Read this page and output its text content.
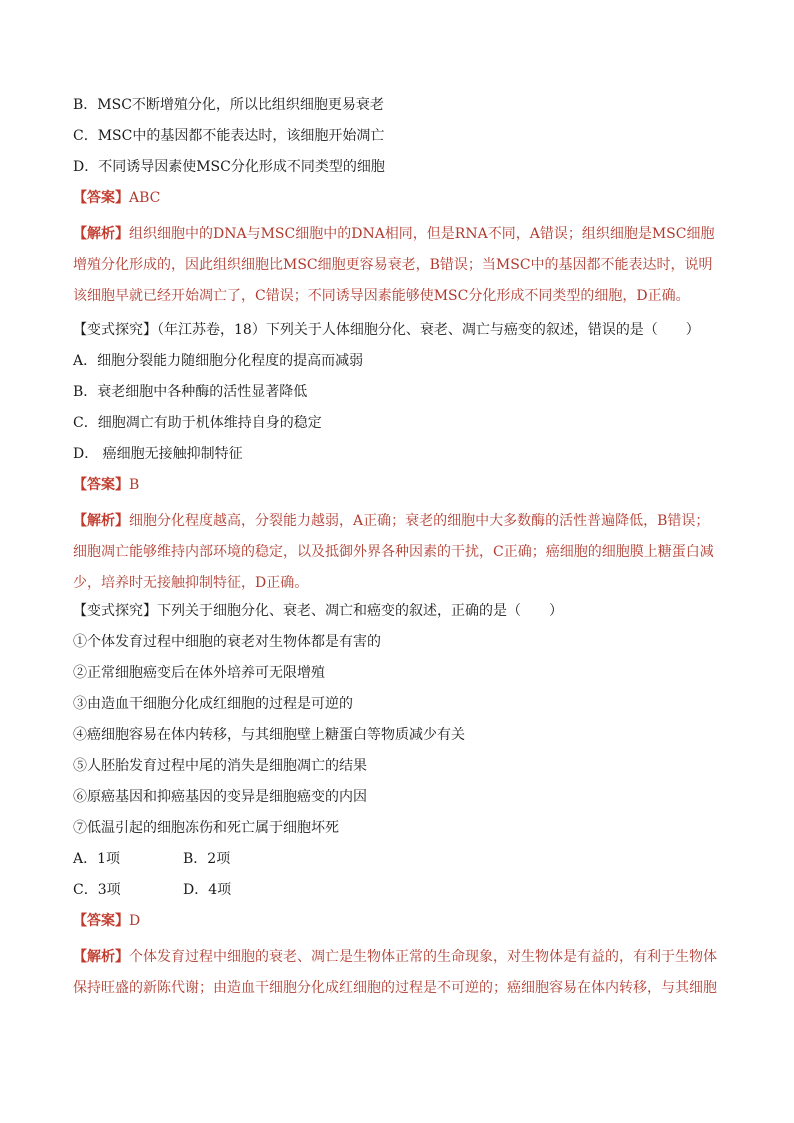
B．MSC不断增殖分化，所以比组织细胞更易衰老

C．MSC中的基因都不能表达时，该细胞开始凋亡

D．不同诱导因素使MSC分化形成不同类型的细胞

【答案】ABC

【解析】组织细胞中的DNA与MSC细胞中的DNA相同，但是RNA不同，A错误；组织细胞是MSC细胞增殖分化形成的，因此组织细胞比MSC细胞更容易衰老，B错误；当MSC中的基因都不能表达时，说明该细胞早就已经开始凋亡了，C错误；不同诱导因素能够使MSC分化形成不同类型的细胞，D正确。

【变式探究】（年江苏卷，18）下列关于人体细胞分化、衰老、凋亡与癌变的叙述，错误的是（　　）

A．细胞分裂能力随细胞分化程度的提高而减弱

B．衰老细胞中各种酶的活性显著降低

C．细胞凋亡有助于机体维持自身的稳定

D． 癌细胞无接触抑制特征

【答案】B

【解析】细胞分化程度越高，分裂能力越弱，A正确；衰老的细胞中大多数酶的活性普遍降低，B错误；细胞凋亡能够维持内部环境的稳定，以及抵御外界各种因素的干扰，C正确；癌细胞的细胞膜上糖蛋白减少，培养时无接触抑制特征，D正确。

【变式探究】下列关于细胞分化、衰老、凋亡和癌变的叙述，正确的是（　　）

①个体发育过程中细胞的衰老对生物体都是有害的

②正常细胞癌变后在体外培养可无限增殖

③由造血干细胞分化成红细胞的过程是可逆的

④癌细胞容易在体内转移，与其细胞壁上糖蛋白等物质减少有关

⑤人胚胎发育过程中尾的消失是细胞凋亡的结果

⑥原癌基因和抑癌基因的变异是细胞癌变的内因

⑦低温引起的细胞冻伤和死亡属于细胞坏死

A．1项	B．2项
C．3项	D．4项

【答案】D

【解析】个体发育过程中细胞的衰老、凋亡是生物体正常的生命现象，对生物体是有益的，有利于生物体保持旺盛的新陈代谢；由造血干细胞分化成红细胞的过程是不可逆的；癌细胞容易在体内转移，与其细胞
